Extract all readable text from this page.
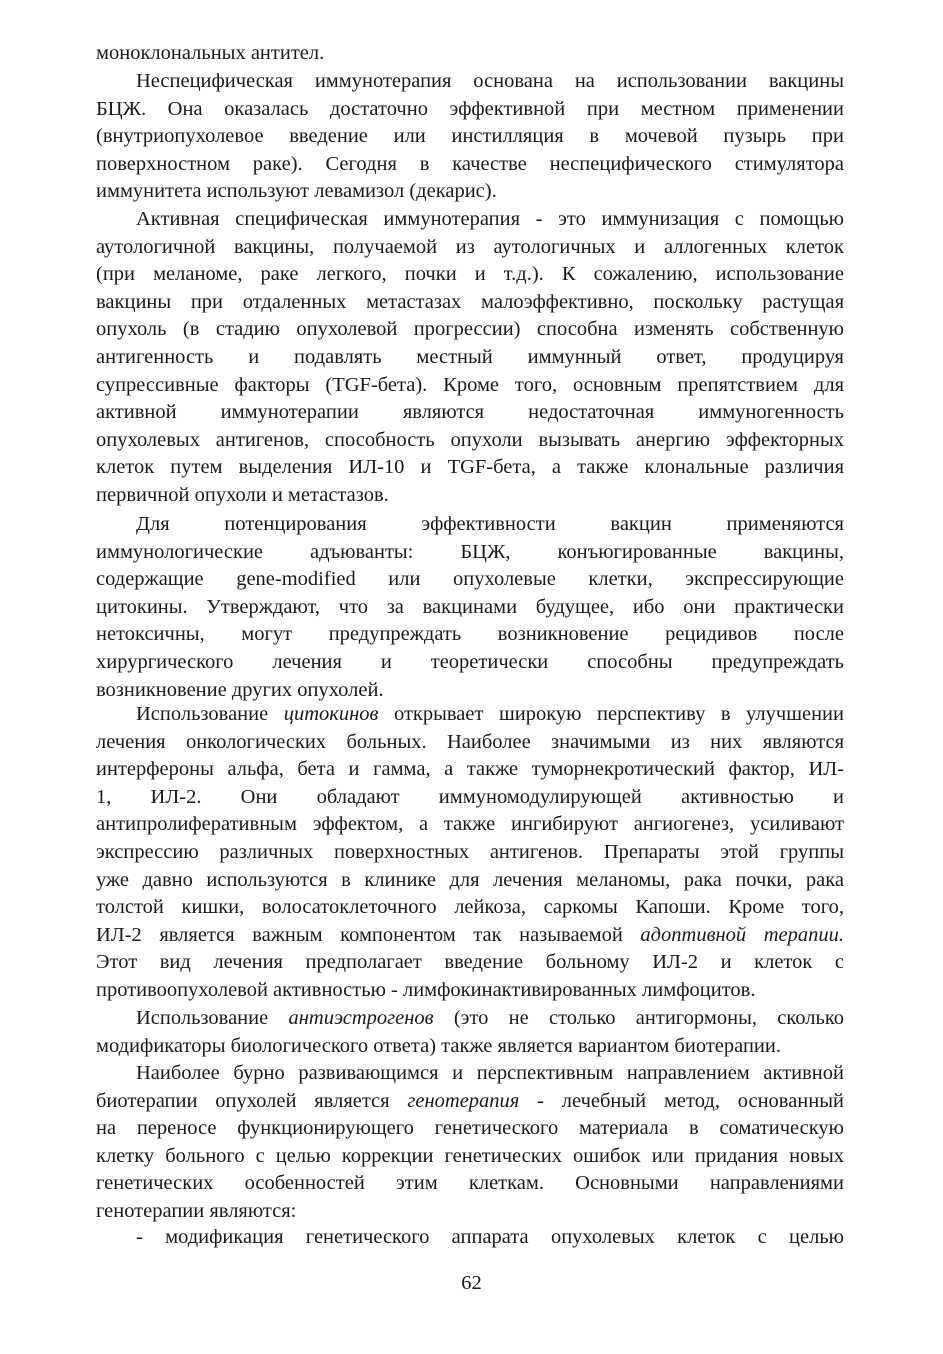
моноклональных антител.
Неспецифическая иммунотерапия основана на использовании вакцины
БЦЖ. Она оказалась достаточно эффективной при местном применении
(внутриопухолевое введение или инстилляция в мочевой пузырь при
поверхностном раке). Сегодня в качестве неспецифического стимулятора
иммунитета используют левамизол (декарис).
Активная специфическая иммунотерапия - это иммунизация с помощью
аутологичной вакцины, получаемой из аутологичных и аллогенных клеток
(при меланоме, раке легкого, почки и т.д.). К сожалению, использование
вакцины при отдаленных метастазах малоэффективно, поскольку растущая
опухоль (в стадию опухолевой прогрессии) способна изменять собственную
антигенность и подавлять местный иммунный ответ, продуцируя
супрессивные факторы (TGF-бета). Кроме того, основным препятствием для
активной иммунотерапии являются недостаточная иммуногенность
опухолевых антигенов, способность опухоли вызывать анергию эффекторных
клеток путем выделения ИЛ-10 и TGF-бета, а также клональные различия
первичной опухоли и метастазов.
Для потенцирования эффективности вакцин применяются
иммунологические адъюванты: БЦЖ, конъюгированные вакцины,
содержащие gene-modified или опухолевые клетки, экспрессирующие
цитокины. Утверждают, что за вакцинами будущее, ибо они практически
нетоксичны, могут предупреждать возникновение рецидивов после
хирургического лечения и теоретически способны предупреждать
возникновение других опухолей.
Использование цитокинов открывает широкую перспективу в улучшении
лечения онкологических больных. Наиболее значимыми из них являются
интерфероны альфа, бета и гамма, а также туморнекротический фактор, ИЛ-
1, ИЛ-2. Они обладают иммуномодулирующей активностью и
антипролиферативным эффектом, а также ингибируют ангиогенез, усиливают
экспрессию различных поверхностных антигенов. Препараты этой группы
уже давно используются в клинике для лечения меланомы, рака почки, рака
толстой кишки, волосатоклеточного лейкоза, саркомы Капоши. Кроме того,
ИЛ-2 является важным компонентом так называемой адоптивной терапии.
Этот вид лечения предполагает введение больному ИЛ-2 и клеток с
противоопухолевой активностью - лимфокинактивированных лимфоцитов.
Использование антиэстрогенов (это не столько антигормоны, сколько
модификаторы биологического ответа) также является вариантом биотерапии.
Наиболее бурно развивающимся и перспективным направлением активной
биотерапии опухолей является генотерапия - лечебный метод, основанный
на переносе функционирующего генетического материала в соматическую
клетку больного с целью коррекции генетических ошибок или придания новых
генетических особенностей этим клеткам. Основными направлениями
генотерапии являются:
- модификация генетического аппарата опухолевых клеток с целью
62
